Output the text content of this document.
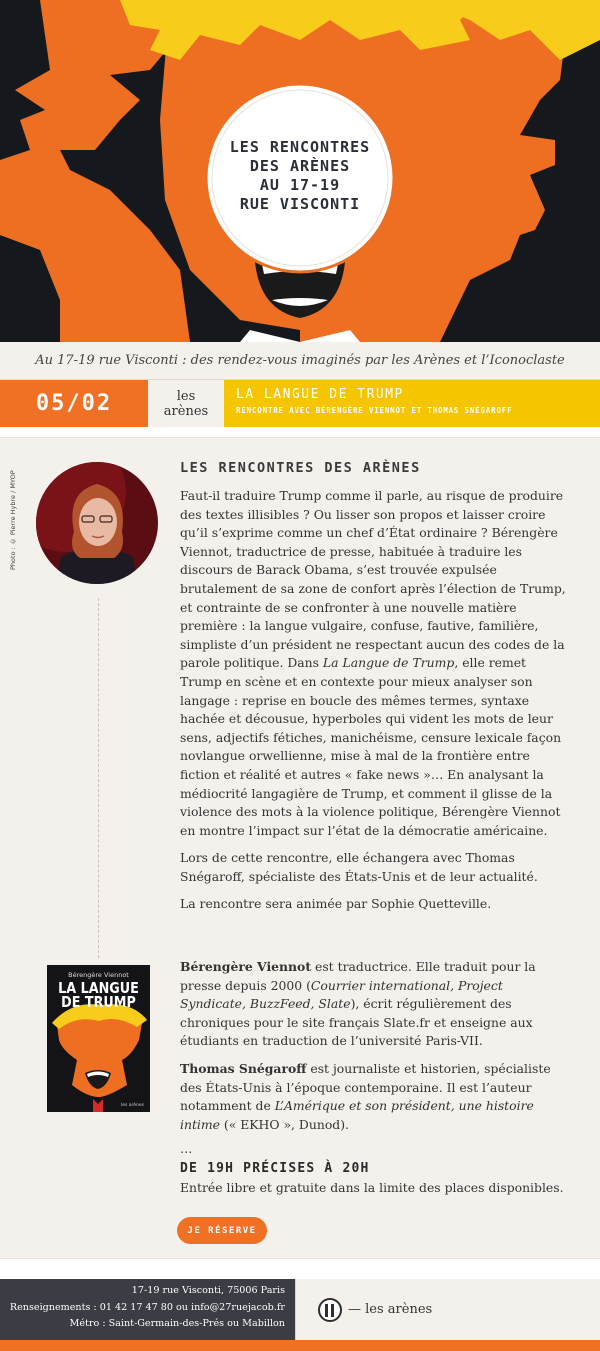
LES RENCONTRES
DES ARÈNES
AU 17-19
RUE VISCONTI
Au 17-19 rue Visconti : des rendez-vous imaginés par les Arènes et l’Iconoclaste
05/02	les
arènes
LA LANGUE DE TRUMP
RENCONTRE AVEC BÉRENGÈRE VIENNOT ET THOMAS SNÉGAROFF
Photo : © Pierre Hybre / MYOP
LES RENCONTRES DES ARÈNES

Faut-il traduire Trump comme il parle, au risque de produire des textes illisibles ? Ou lisser son propos et laisser croire qu’il s’exprime comme un chef d’État ordinaire ? Bérengère Viennot, traductrice de presse, habituée à traduire les discours de Barack Obama, s’est trouvée expulsée brutalement de sa zone de confort après l’élection de Trump, et contrainte de se confronter à une nouvelle matière première : la langue vulgaire, confuse, fautive, familière, simpliste d’un président ne respectant aucun des codes de la parole politique. Dans La Langue de Trump, elle remet Trump en scène et en contexte pour mieux analyser son langage : reprise en boucle des mêmes termes, syntaxe hachée et décousue, hyperboles qui vident les mots de leur sens, adjectifs fétiches, manichéisme, censure lexicale façon novlangue orwellienne, mise à mal de la frontière entre fiction et réalité et autres « fake news »… En analysant la médiocrité langagière de Trump, et comment il glisse de la violence des mots à la violence politique, Bérengère Viennot en montre l’impact sur l’état de la démocratie américaine.

Lors de cette rencontre, elle échangera avec Thomas Snégaroff, spécialiste des États-Unis et de leur actualité.

La rencontre sera animée par Sophie Quetteville.

Bérengère Viennot
LA LANGUE
DE TRUMP
les arènes

Bérengère Viennot est traductrice. Elle traduit pour la presse depuis 2000 (Courrier international, Project Syndicate, BuzzFeed, Slate), écrit régulièrement des chroniques pour le site français Slate.fr et enseigne aux étudiants en traduction de l’université Paris-VII.

Thomas Snégaroff est journaliste et historien, spécialiste des États-Unis à l’époque contemporaine. Il est l’auteur notamment de L’Amérique et son président, une histoire intime (« EKHO », Dunod).

…
DE 19H PRÉCISES À 20H
Entrée libre et gratuite dans la limite des places disponibles.
JE RÉSERVE
17-19 rue Visconti, 75006 Paris
Renseignements : 01 42 17 47 80 ou info@27ruejacob.fr
Métro : Saint-Germain-des-Prés ou Mabillon
— les arènes
